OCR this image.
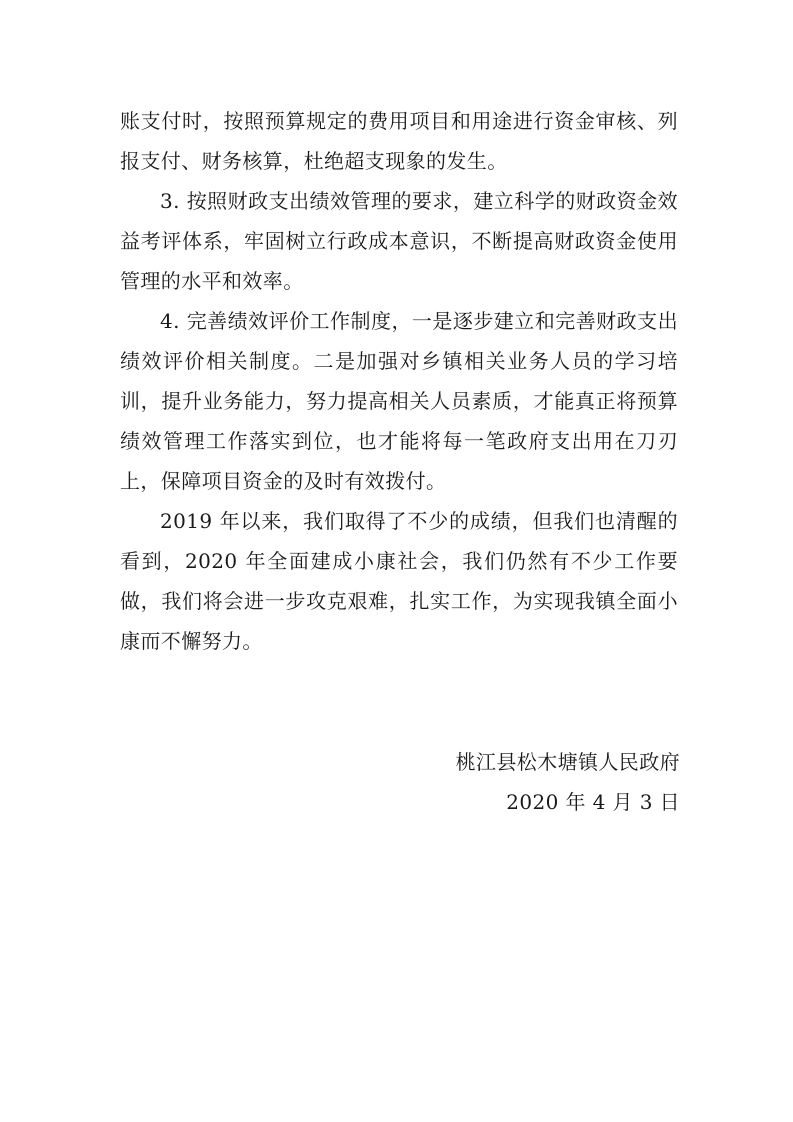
账支付时，按照预算规定的费用项目和用途进行资金审核、列报支付、财务核算，杜绝超支现象的发生。

3. 按照财政支出绩效管理的要求，建立科学的财政资金效益考评体系，牢固树立行政成本意识，不断提高财政资金使用管理的水平和效率。

4. 完善绩效评价工作制度，一是逐步建立和完善财政支出绩效评价相关制度。二是加强对乡镇相关业务人员的学习培训，提升业务能力，努力提高相关人员素质，才能真正将预算绩效管理工作落实到位，也才能将每一笔政府支出用在刀刃上，保障项目资金的及时有效拨付。

2019 年以来，我们取得了不少的成绩，但我们也清醒的看到，2020 年全面建成小康社会，我们仍然有不少工作要做，我们将会进一步攻克艰难，扎实工作，为实现我镇全面小康而不懈努力。

桃江县松木塘镇人民政府
2020 年 4 月 3 日
